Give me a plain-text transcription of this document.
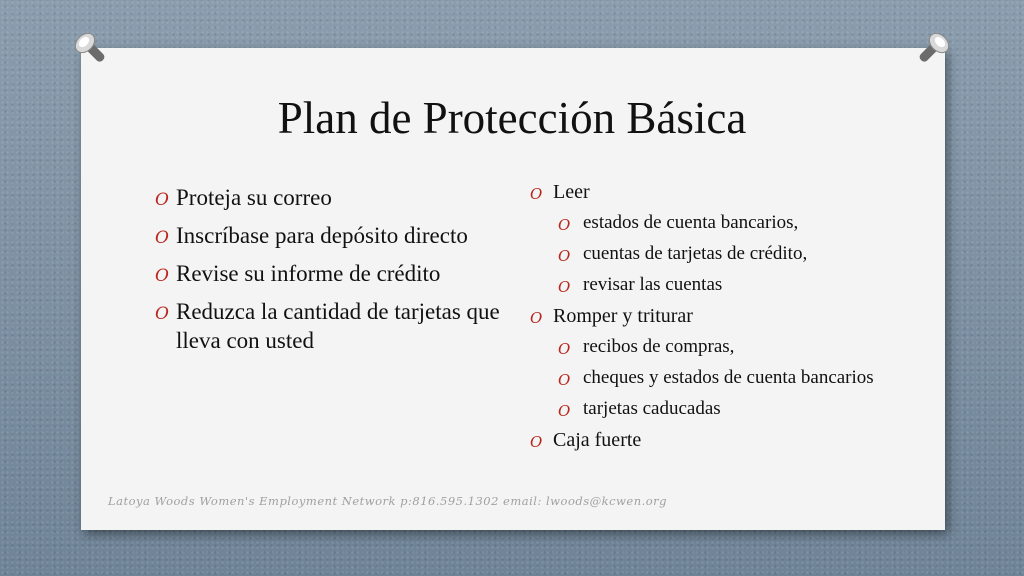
Plan de Protección Básica
O Proteja su correo
O Inscríbase para depósito directo
O Revise su informe de crédito
O Reduzca la cantidad de tarjetas que lleva con usted
O Leer
O estados de cuenta bancarios,
O cuentas de tarjetas de crédito,
O revisar las cuentas
O Romper y triturar
O recibos de compras,
O cheques y estados de cuenta bancarios
O tarjetas caducadas
O Caja fuerte
Latoya Woods Women's Employment Network p:816.595.1302 email: lwoods@kcwen.org
